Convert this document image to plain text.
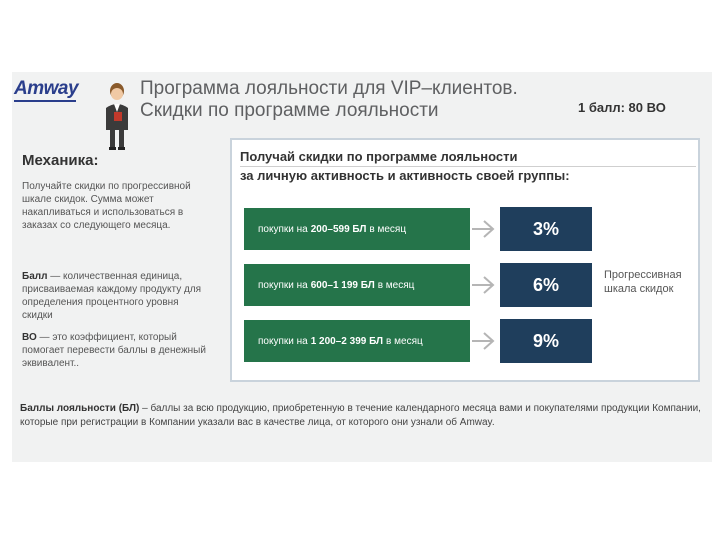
Amway	Программа лояльности для VIP–клиентов.
Скидки по программе лояльности	1 балл: 80 ВО
Механика:
Получайте скидки по прогрессивной шкале скидок. Сумма может накапливаться и использоваться в заказах со следующего месяца.
Балл — количественная единица, присваиваемая каждому продукту для определения процентного уровня скидки
ВО — это коэффициент, который помогает перевести баллы в денежный эквивалент..
Получай скидки по программе лояльности
за личную активность и активность своей группы:
покупки на 200–599 БЛ в месяц	3%
покупки на 600–1 199 БЛ в месяц	6%
покупки на 1 200–2 399 БЛ в месяц	9%
Прогрессивная
шкала скидок
Баллы лояльности (БЛ) – баллы за всю продукцию, приобретенную в течение календарного месяца вами и покупателями продукции Компании, которые при регистрации в Компании указали вас в качестве лица, от которого они узнали об Amway.
